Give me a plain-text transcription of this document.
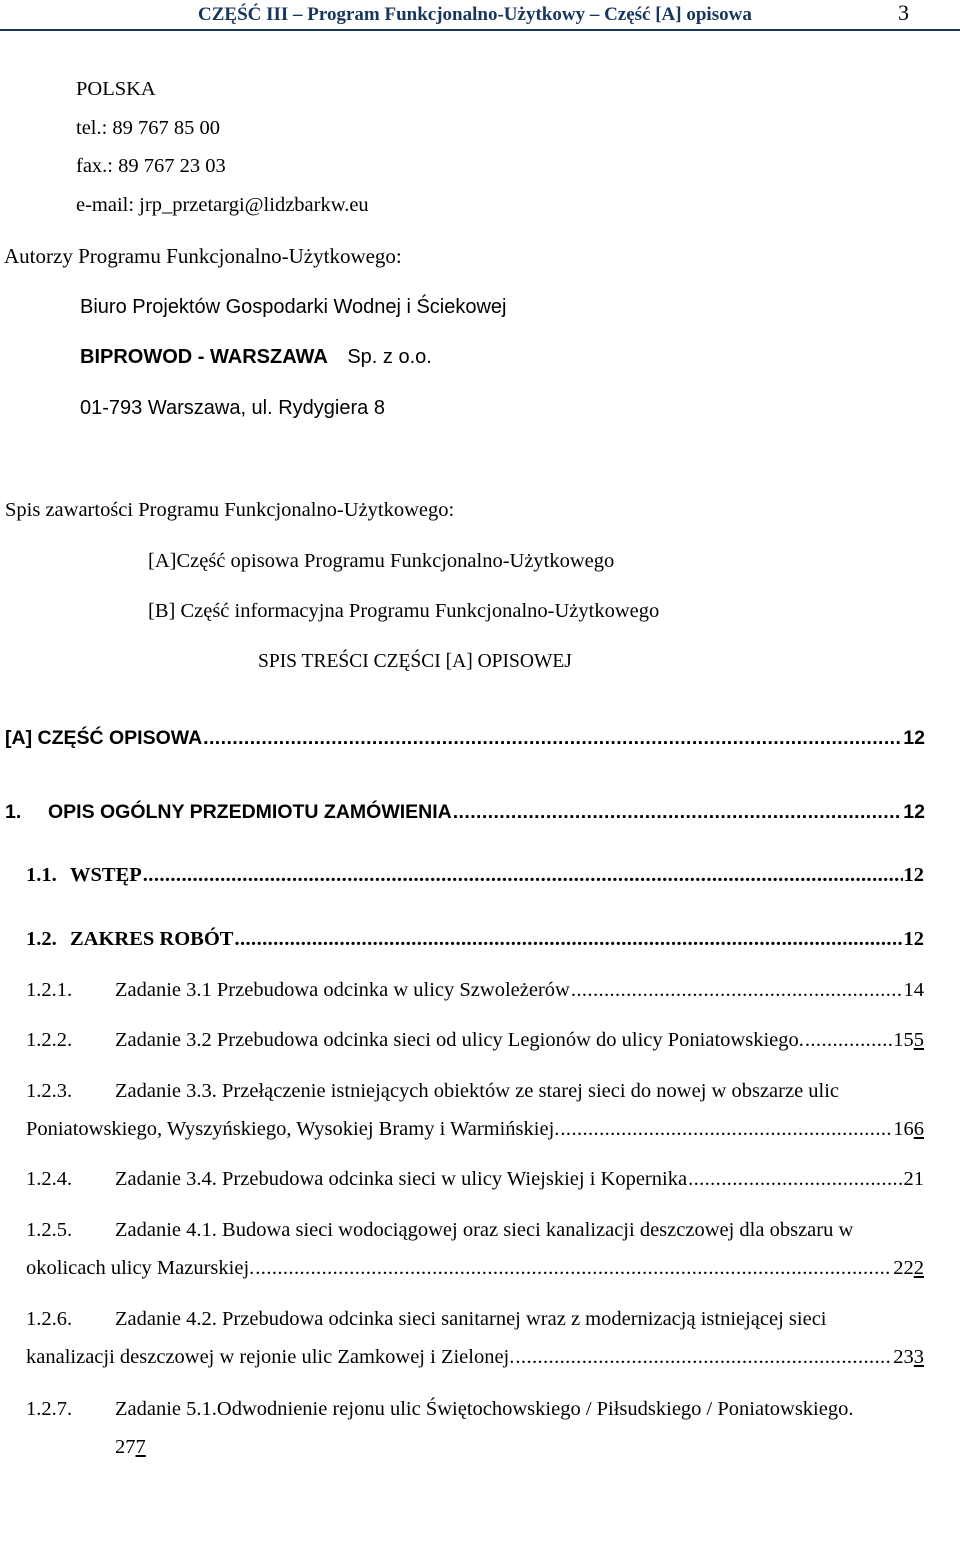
CZĘŚĆ III – Program Funkcjonalno-Użytkowy – Część [A] opisowa	3
POLSKA
tel.: 89 767 85 00
fax.: 89 767 23 03
e-mail: jrp_przetargi@lidzbarkw.eu
Autorzy Programu Funkcjonalno-Użytkowego:
Biuro Projektów Gospodarki Wodnej i Ściekowej
BIPROWOD - WARSZAWA Sp. z o.o.
01-793 Warszawa, ul. Rydygiera 8
Spis zawartości Programu Funkcjonalno-Użytkowego:
[A]Część opisowa Programu Funkcjonalno-Użytkowego
[B] Część informacyjna Programu Funkcjonalno-Użytkowego
SPIS TREŚCI CZĘŚCI [A] OPISOWEJ
[A] CZĘŚĆ OPISOWA .....	12
1. OPIS OGÓLNY PRZEDMIOTU ZAMÓWIENIA .....	12
1.1. WSTĘP .....	12
1.2. ZAKRES ROBÓT .....	12
1.2.1. Zadanie 3.1 Przebudowa odcinka w ulicy Szwoleżerów .....	14
1.2.2. Zadanie 3.2 Przebudowa odcinka sieci od ulicy Legionów do ulicy Poniatowskiego. .....	155
1.2.3. Zadanie 3.3. Przełączenie istniejących obiektów ze starej sieci do nowej w obszarze ulic
Poniatowskiego, Wyszyńskiego, Wysokiej Bramy i Warmińskiej. .....	166
1.2.4. Zadanie 3.4. Przebudowa odcinka sieci w ulicy Wiejskiej i Kopernika .....	21
1.2.5. Zadanie 4.1. Budowa sieci wodociągowej oraz sieci kanalizacji deszczowej dla obszaru w
okolicach ulicy Mazurskiej. .....	222
1.2.6. Zadanie 4.2. Przebudowa odcinka sieci sanitarnej wraz z modernizacją istniejącej sieci
kanalizacji deszczowej w rejonie ulic Zamkowej i Zielonej. .....	233
1.2.7. Zadanie 5.1.Odwodnienie rejonu ulic Świętochowskiego / Piłsudskiego / Poniatowskiego.
277
